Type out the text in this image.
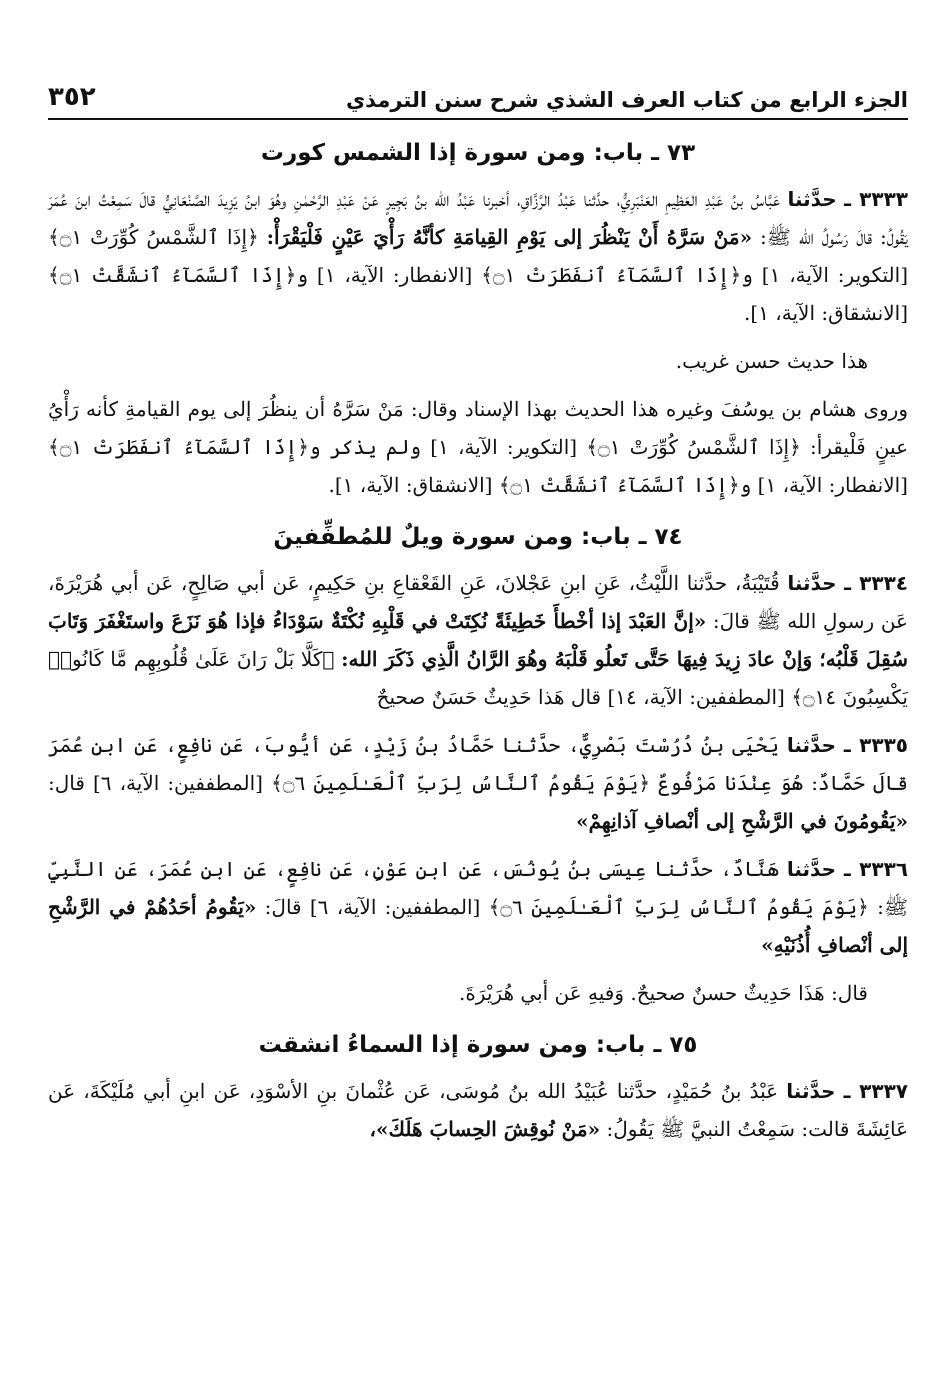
الجزء الرابع من كتاب العرف الشذي شرح سنن الترمذي
٣٥٢
٧٣ ـ باب: ومن سورة إذا الشمس كورت

٣٣٣٣ ـ حدَّثنا عَبَّاسُ بنُ عَبْدِ العَظِيمِ العَنْبَرِيُّ، حدَّثنا عَبْدُ الرَّزَّاقِ، أخبرنا عَبْدُ الله بنُ بَجِيرٍ عَنْ عَبْدِ الرَّحْمٰنِ وهُوَ ابنُ يَزِيدَ الصَّنْعَانِيُّ قالَ سَمِعْتُ ابنَ عُمَرَ يَقُولُ: قالَ رَسُولُ الله ﷺ: «مَنْ سَرَّهُ أَنْ يَنْظُرَ إلى يَوْمِ القِيامَةِ كأنَّهُ رَأْيَ عَيْنٍ فَلْيَقْرَأْ: ﴿إِذَا ٱلشَّمْسُ كُوِّرَتْ ۝١﴾ [التكوير: الآية، ١] و﴿إِذَا ٱلسَّمَآءُ ٱنفَطَرَتْ ۝١﴾ [الانفطار: الآية، ١] و﴿إِذَا ٱلسَّمَآءُ ٱنشَقَّتْ ۝١﴾ [الانشقاق: الآية، ١].

هذا حديث حسن غريب.

وروى هشام بن يوسُفَ وغيره هذا الحديث بهذا الإسناد وقال: مَنْ سَرَّهُ أن ينظُرَ إلى يوم القيامةِ كأنه رَأْيُ عينٍ فَلْيقرأ: ﴿إِذَا ٱلشَّمْسُ كُوِّرَتْ ۝١﴾ [التكوير: الآية، ١] ولم يذكر و﴿إِذَا ٱلسَّمَآءُ ٱنفَطَرَتْ ۝١﴾ [الانفطار: الآية، ١] و﴿إِذَا ٱلسَّمَآءُ ٱنشَقَّتْ ۝١﴾ [الانشقاق: الآية، ١].

٧٤ ـ باب: ومن سورة ويلٌ للمُطفِّفينَ

٣٣٣٤ ـ حدَّثنا قُتَيْبَةُ، حدَّثنا اللَّيْثُ، عَنِ ابنِ عَجْلانَ، عَنِ القَعْقاعِ بنِ حَكِيمٍ، عَن أبي صَالِحٍ، عَن أبي هُرَيْرَةَ، عَن رسولِ الله ﷺ قالَ: «إنَّ العَبْدَ إذا أخْطأَ خَطِيئَةً نُكِتَتْ في قَلْبِهِ نُكْتَةٌ سَوْدَاءُ فإذا هُوَ نَزَعَ واستَغْفَرَ وَتَابَ سُقِلَ قَلْبُه؛ وَإنْ عادَ زِيدَ فِيهَا حَتَّى تَعلُو قَلْبَهُ وهُوَ الرَّانُ الَّذِي ذَكَرَ الله: ﴿كَلَّا بَلْ رَانَ عَلَىٰ قُلُوبِهِم مَّا كَانُوا۟ يَكْسِبُونَ ۝١٤﴾ [المطففين: الآية، ١٤] قال هَذا حَدِيثٌ حَسَنٌ صحيحٌ

٣٣٣٥ ـ حدَّثنا يَحْيَى بنُ دُرُسْتَ بَصْرِيٌّ، حدَّثنا حَمَّادُ بنُ زَيْدٍ، عَن أيُّوبَ، عَن نافِعٍ، عَن ابنِ عُمَرَ قالَ حَمَّادٌ: هُوَ عِنْدَنا مَرْفُوعٌ ﴿يَوْمَ يَقُومُ ٱلنَّاسُ لِرَبِّ ٱلْعَـٰلَمِينَ ۝٦﴾ [المطففين: الآية، ٦] قال: «يَقُومُونَ في الرَّشْحِ إلى أنْصافِ آذانِهِمْ»

٣٣٣٦ ـ حدَّثنا هَنَّادٌ، حدَّثنا عِيسَى بنُ يُونُسَ، عَن ابنِ عَوْنٍ، عَن نافِعٍ، عَن ابنِ عُمَرَ، عَن النَّبِيِّ ﷺ: ﴿يَوْمَ يَقُومُ ٱلنَّاسُ لِرَبِّ ٱلْعَـٰلَمِينَ ۝٦﴾ [المطففين: الآية، ٦] قالَ: «يَقُومُ أحَدُهُمْ في الرَّشْحِ إلى أنْصافِ أُذُنَيْهِ»

قال: هَذَا حَدِيثٌ حسنٌ صحيحٌ. وَفيهِ عَن أبي هُرَيْرَةَ.

٧٥ ـ باب: ومن سورة إذا السماءُ انشقت

٣٣٣٧ ـ حدَّثنا عَبْدُ بنُ حُمَيْدٍ، حدَّثنا عُبَيْدُ الله بنُ مُوسَى، عَن عُثْمانَ بنِ الأسْوَدِ، عَن ابنِ أبي مُلَيْكَةَ، عَن عَائِشَةَ قالت: سَمِعْتُ النبيَّ ﷺ يَقُولُ: «مَنْ نُوقِشَ الحِسابَ هَلَكَ»،
